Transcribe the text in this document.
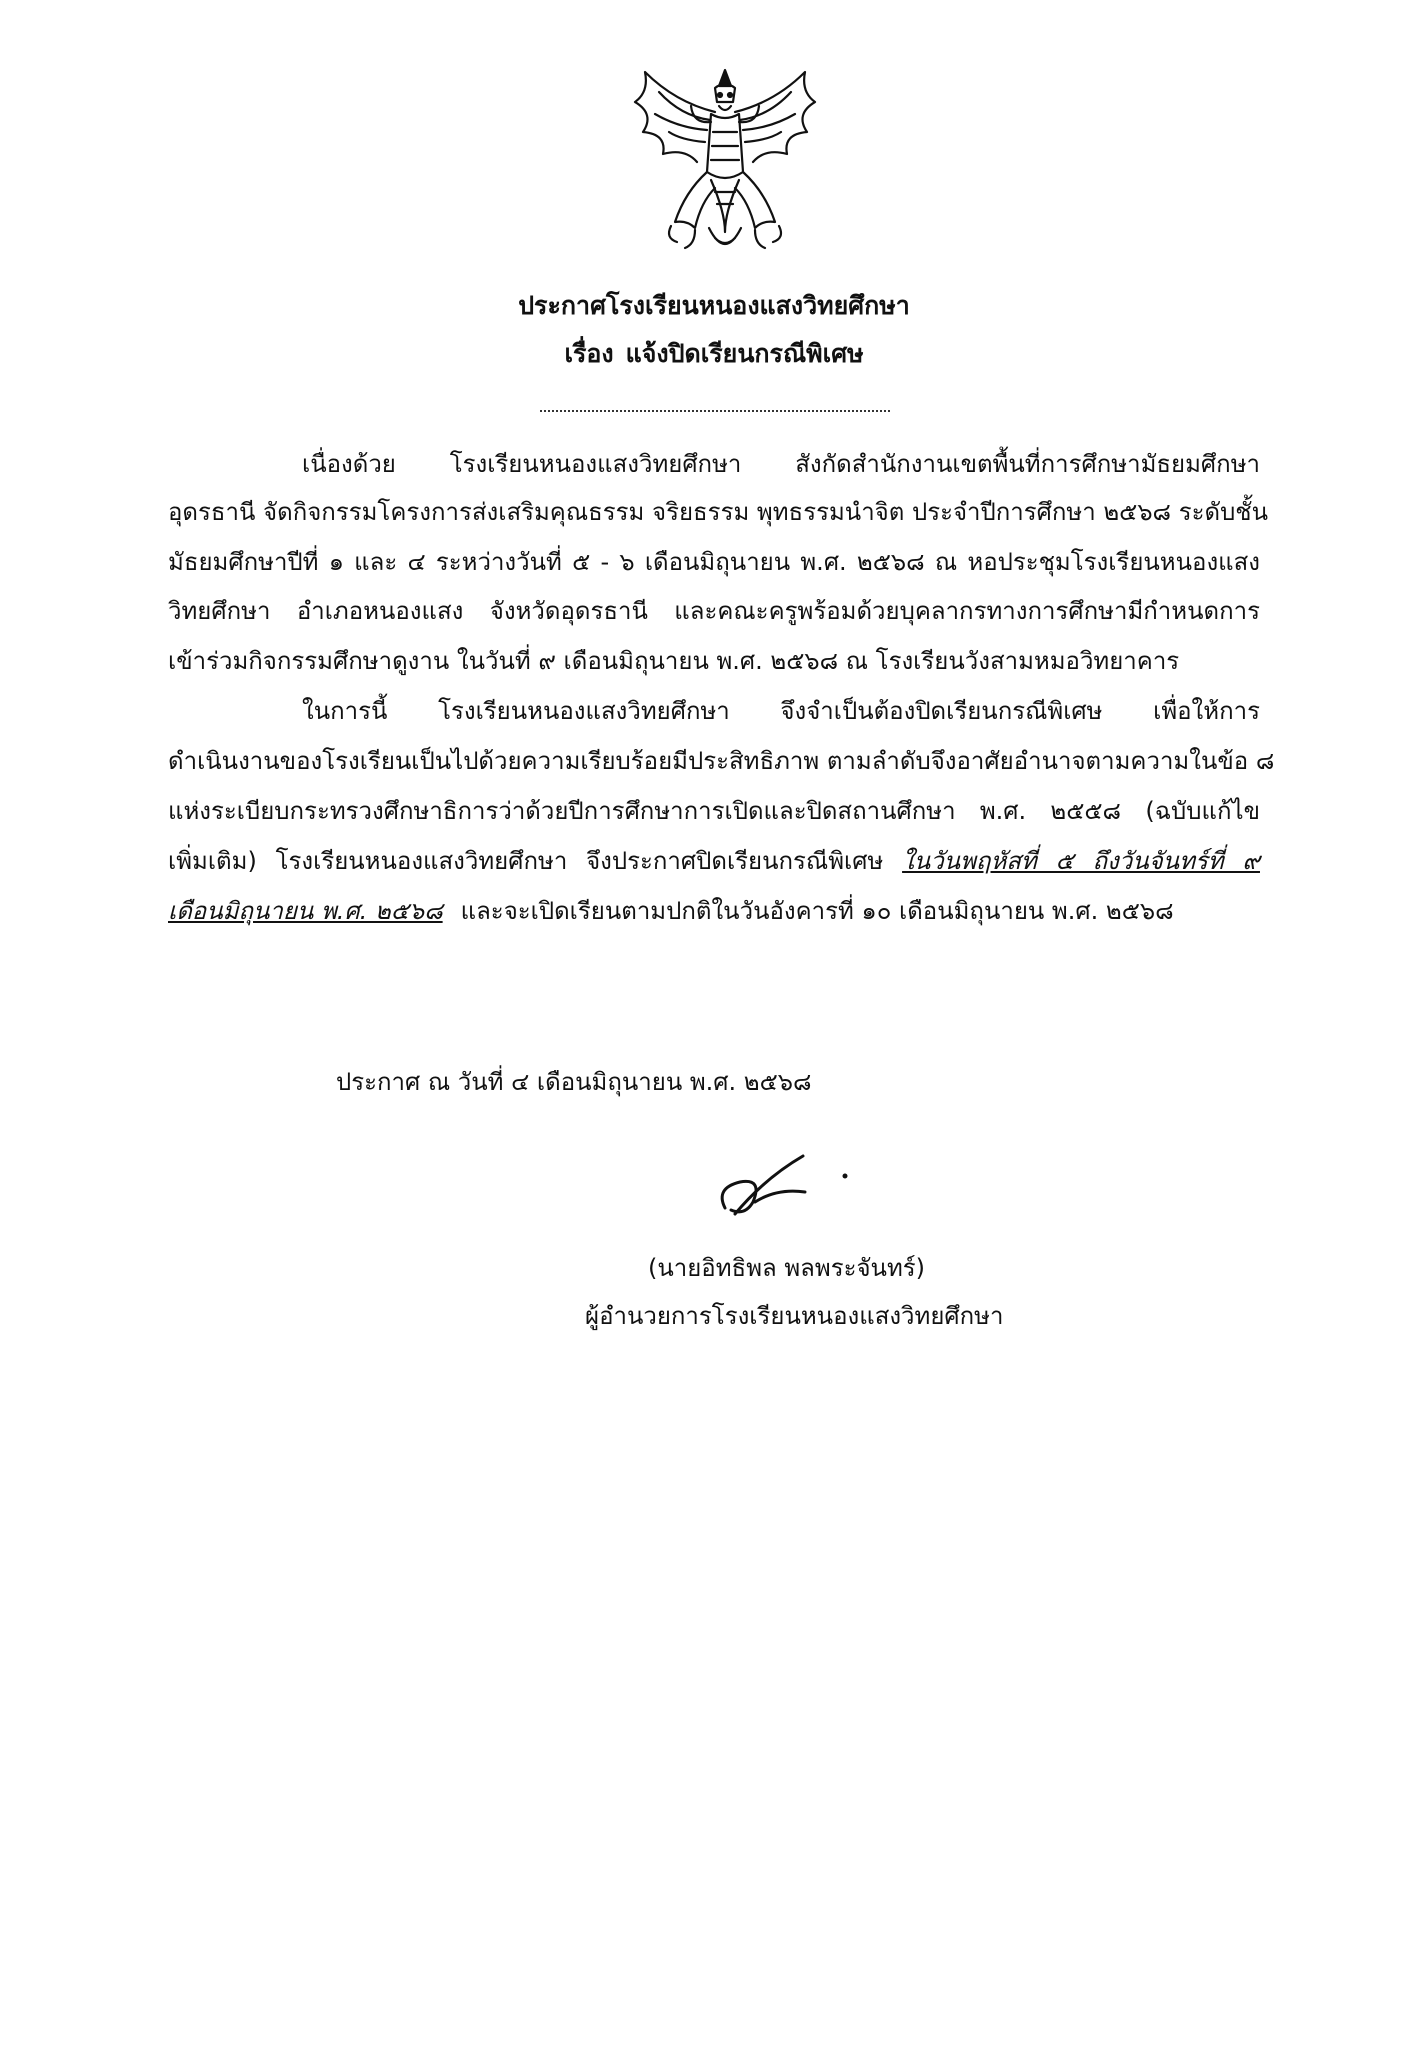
ประกาศโรงเรียนหนองแสงวิทยศึกษา
เรื่อง แจ้งปิดเรียนกรณีพิเศษ
เนื่องด้วย โรงเรียนหนองแสงวิทยศึกษา สังกัดสำนักงานเขตพื้นที่การศึกษามัธยมศึกษา
อุดรธานี จัดกิจกรรมโครงการส่งเสริมคุณธรรม จริยธรรม พุทธรรมนำจิต ประจำปีการศึกษา ๒๕๖๘ ระดับชั้น
มัธยมศึกษาปีที่ ๑ และ ๔ ระหว่างวันที่ ๕ - ๖ เดือนมิถุนายน พ.ศ. ๒๕๖๘ ณ หอประชุมโรงเรียนหนองแสง
วิทยศึกษา อำเภอหนองแสง จังหวัดอุดรธานี และคณะครูพร้อมด้วยบุคลากรทางการศึกษามีกำหนดการ
เข้าร่วมกิจกรรมศึกษาดูงาน ในวันที่ ๙ เดือนมิถุนายน พ.ศ. ๒๕๖๘ ณ โรงเรียนวังสามหมอวิทยาคาร
ในการนี้ โรงเรียนหนองแสงวิทยศึกษา จึงจำเป็นต้องปิดเรียนกรณีพิเศษ เพื่อให้การ
ดำเนินงานของโรงเรียนเป็นไปด้วยความเรียบร้อยมีประสิทธิภาพ ตามลำดับจึงอาศัยอำนาจตามความในข้อ ๘
แห่งระเบียบกระทรวงศึกษาธิการว่าด้วยปีการศึกษาการเปิดและปิดสถานศึกษา พ.ศ. ๒๕๕๘ (ฉบับแก้ไข
เพิ่มเติม) โรงเรียนหนองแสงวิทยศึกษา จึงประกาศปิดเรียนกรณีพิเศษ ในวันพฤหัสที่ ๕ ถึงวันจันทร์ที่ ๙
เดือนมิถุนายน พ.ศ. ๒๕๖๘ และจะเปิดเรียนตามปกติในวันอังคารที่ ๑๐ เดือนมิถุนายน พ.ศ. ๒๕๖๘
ประกาศ ณ วันที่ ๔ เดือนมิถุนายน พ.ศ. ๒๕๖๘
(นายอิทธิพล พลพระจันทร์)
ผู้อำนวยการโรงเรียนหนองแสงวิทยศึกษา
